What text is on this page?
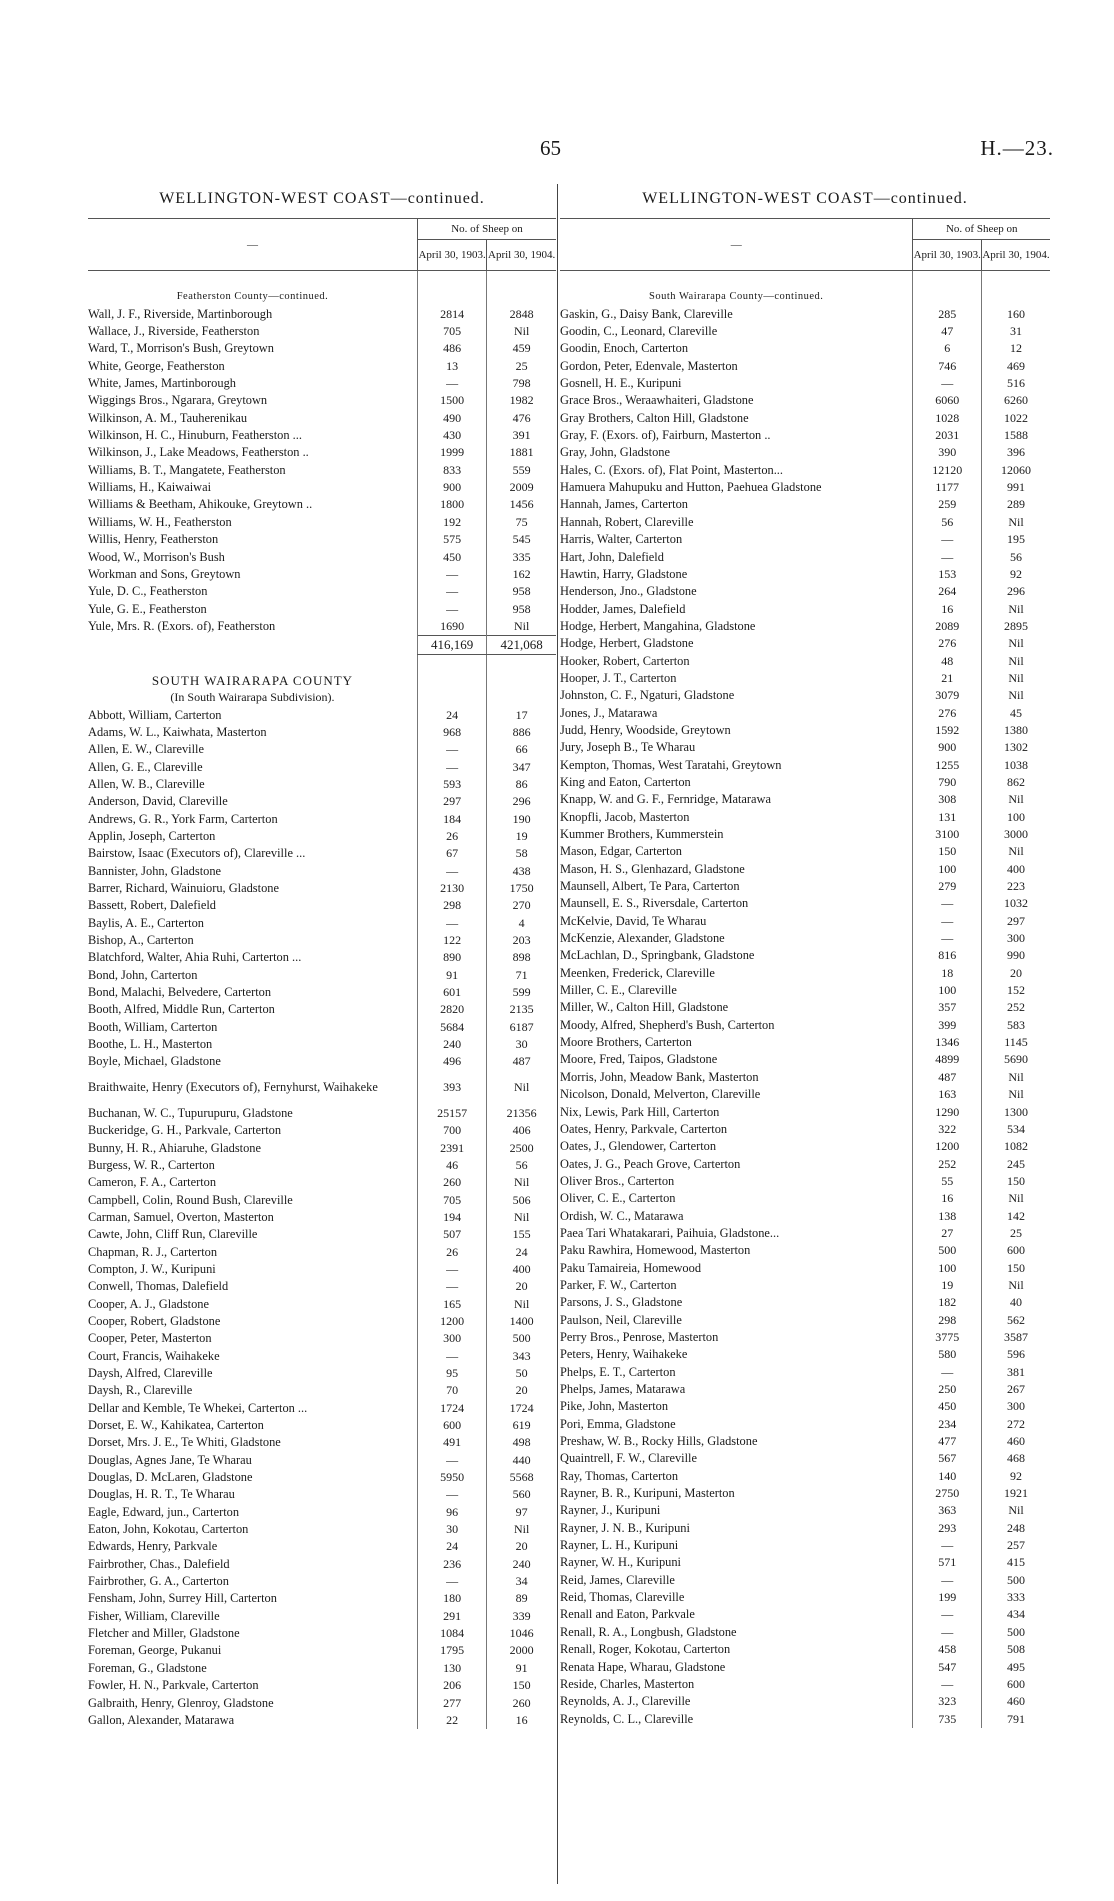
65	H.—23.
WELLINGTON-WEST COAST—continued.
—	No. of Sheep on	
	April 30, 1903.	April 30, 1904.

Featherston County—continued.		
Wall, J. F., Riverside, Martinborough	2814	2848
Wallace, J., Riverside, Featherston	705	Nil
Ward, T., Morrison's Bush, Greytown	486	459
White, George, Featherston	13	25
White, James, Martinborough	—	798
Wiggings Bros., Ngarara, Greytown	1500	1982
Wilkinson, A. M., Tauherenikau	490	476
Wilkinson, H. C., Hinuburn, Featherston ...	430	391
Wilkinson, J., Lake Meadows, Featherston ..	1999	1881
Williams, B. T., Mangatete, Featherston	833	559
Williams, H., Kaiwaiwai	900	2009
Williams & Beetham, Ahikouke, Greytown ..	1800	1456
Williams, W. H., Featherston	192	75
Willis, Henry, Featherston	575	545
Wood, W., Morrison's Bush	450	335
Workman and Sons, Greytown	—	162
Yule, D. C., Featherston	—	958
Yule, G. E., Featherston	—	958
Yule, Mrs. R. (Exors. of), Featherston	1690	Nil
	416,169	421,068

SOUTH WAIRARAPA COUNTY		
(In South Wairarapa Subdivision).		
Abbott, William, Carterton	24	17
Adams, W. L., Kaiwhata, Masterton	968	886
Allen, E. W., Clareville	—	66
Allen, G. E., Clareville	—	347
Allen, W. B., Clareville	593	86
Anderson, David, Clareville	297	296
Andrews, G. R., York Farm, Carterton	184	190
Applin, Joseph, Carterton	26	19
Bairstow, Isaac (Executors of), Clareville ...	67	58
Bannister, John, Gladstone	—	438
Barrer, Richard, Wainuioru, Gladstone	2130	1750
Bassett, Robert, Dalefield	298	270
Baylis, A. E., Carterton	—	4
Bishop, A., Carterton	122	203
Blatchford, Walter, Ahia Ruhi, Carterton ...	890	898
Bond, John, Carterton	91	71
Bond, Malachi, Belvedere, Carterton	601	599
Booth, Alfred, Middle Run, Carterton	2820	2135
Booth, William, Carterton	5684	6187
Boothe, L. H., Masterton	240	30
Boyle, Michael, Gladstone	496	487
Braithwaite, Henry (Executors of), Fernyhurst, Waihakeke	393	Nil
Buchanan, W. C., Tupurupuru, Gladstone	25157	21356
Buckeridge, G. H., Parkvale, Carterton	700	406
Bunny, H. R., Ahiaruhe, Gladstone	2391	2500
Burgess, W. R., Carterton	46	56
Cameron, F. A., Carterton	260	Nil
Campbell, Colin, Round Bush, Clareville	705	506
Carman, Samuel, Overton, Masterton	194	Nil
Cawte, John, Cliff Run, Clareville	507	155
Chapman, R. J., Carterton	26	24
Compton, J. W., Kuripuni	—	400
Conwell, Thomas, Dalefield	—	20
Cooper, A. J., Gladstone	165	Nil
Cooper, Robert, Gladstone	1200	1400
Cooper, Peter, Masterton	300	500
Court, Francis, Waihakeke	—	343
Daysh, Alfred, Clareville	95	50
Daysh, R., Clareville	70	20
Dellar and Kemble, Te Whekei, Carterton ...	1724	1724
Dorset, E. W., Kahikatea, Carterton	600	619
Dorset, Mrs. J. E., Te Whiti, Gladstone	491	498
Douglas, Agnes Jane, Te Wharau	—	440
Douglas, D. McLaren, Gladstone	5950	5568
Douglas, H. R. T., Te Wharau	—	560
Eagle, Edward, jun., Carterton	96	97
Eaton, John, Kokotau, Carterton	30	Nil
Edwards, Henry, Parkvale	24	20
Fairbrother, Chas., Dalefield	236	240
Fairbrother, G. A., Carterton	—	34
Fensham, John, Surrey Hill, Carterton	180	89
Fisher, William, Clareville	291	339
Fletcher and Miller, Gladstone	1084	1046
Foreman, George, Pukanui	1795	2000
Foreman, G., Gladstone	130	91
Fowler, H. N., Parkvale, Carterton	206	150
Galbraith, Henry, Glenroy, Gladstone	277	260
Gallon, Alexander, Matarawa	22	16
WELLINGTON-WEST COAST—continued.
—	No. of Sheep on	
	April 30, 1903.	April 30, 1904.

South Wairarapa County—continued.		
Gaskin, G., Daisy Bank, Clareville	285	160
Goodin, C., Leonard, Clareville	47	31
Goodin, Enoch, Carterton	6	12
Gordon, Peter, Edenvale, Masterton	746	469
Gosnell, H. E., Kuripuni	—	516
Grace Bros., Weraawhaiteri, Gladstone	6060	6260
Gray Brothers, Calton Hill, Gladstone	1028	1022
Gray, F. (Exors. of), Fairburn, Masterton ..	2031	1588
Gray, John, Gladstone	390	396
Hales, C. (Exors. of), Flat Point, Masterton...	12120	12060
Hamuera Mahupuku and Hutton, Paehuea Gladstone	1177	991
Hannah, James, Carterton	259	289
Hannah, Robert, Clareville	56	Nil
Harris, Walter, Carterton	—	195
Hart, John, Dalefield	—	56
Hawtin, Harry, Gladstone	153	92
Henderson, Jno., Gladstone	264	296
Hodder, James, Dalefield	16	Nil
Hodge, Herbert, Mangahina, Gladstone	2089	2895
Hodge, Herbert, Gladstone	276	Nil
Hooker, Robert, Carterton	48	Nil
Hooper, J. T., Carterton	21	Nil
Johnston, C. F., Ngaturi, Gladstone	3079	Nil
Jones, J., Matarawa	276	45
Judd, Henry, Woodside, Greytown	1592	1380
Jury, Joseph B., Te Wharau	900	1302
Kempton, Thomas, West Taratahi, Greytown	1255	1038
King and Eaton, Carterton	790	862
Knapp, W. and G. F., Fernridge, Matarawa	308	Nil
Knopfli, Jacob, Masterton	131	100
Kummer Brothers, Kummerstein	3100	3000
Mason, Edgar, Carterton	150	Nil
Mason, H. S., Glenhazard, Gladstone	100	400
Maunsell, Albert, Te Para, Carterton	279	223
Maunsell, E. S., Riversdale, Carterton	—	1032
McKelvie, David, Te Wharau	—	297
McKenzie, Alexander, Gladstone	—	300
McLachlan, D., Springbank, Gladstone	816	990
Meenken, Frederick, Clareville	18	20
Miller, C. E., Clareville	100	152
Miller, W., Calton Hill, Gladstone	357	252
Moody, Alfred, Shepherd's Bush, Carterton	399	583
Moore Brothers, Carterton	1346	1145
Moore, Fred, Taipos, Gladstone	4899	5690
Morris, John, Meadow Bank, Masterton	487	Nil
Nicolson, Donald, Melverton, Clareville	163	Nil
Nix, Lewis, Park Hill, Carterton	1290	1300
Oates, Henry, Parkvale, Carterton	322	534
Oates, J., Glendower, Carterton	1200	1082
Oates, J. G., Peach Grove, Carterton	252	245
Oliver Bros., Carterton	55	150
Oliver, C. E., Carterton	16	Nil
Ordish, W. C., Matarawa	138	142
Paea Tari Whatakarari, Paihuia, Gladstone...	27	25
Paku Rawhira, Homewood, Masterton	500	600
Paku Tamaireia, Homewood	100	150
Parker, F. W., Carterton	19	Nil
Parsons, J. S., Gladstone	182	40
Paulson, Neil, Clareville	298	562
Perry Bros., Penrose, Masterton	3775	3587
Peters, Henry, Waihakeke	580	596
Phelps, E. T., Carterton	—	381
Phelps, James, Matarawa	250	267
Pike, John, Masterton	450	300
Pori, Emma, Gladstone	234	272
Preshaw, W. B., Rocky Hills, Gladstone	477	460
Quaintrell, F. W., Clareville	567	468
Ray, Thomas, Carterton	140	92
Rayner, B. R., Kuripuni, Masterton	2750	1921
Rayner, J., Kuripuni	363	Nil
Rayner, J. N. B., Kuripuni	293	248
Rayner, L. H., Kuripuni	—	257
Rayner, W. H., Kuripuni	571	415
Reid, James, Clareville	—	500
Reid, Thomas, Clareville	199	333
Renall and Eaton, Parkvale	—	434
Renall, R. A., Longbush, Gladstone	—	500
Renall, Roger, Kokotau, Carterton	458	508
Renata Hape, Wharau, Gladstone	547	495
Reside, Charles, Masterton	—	600
Reynolds, A. J., Clareville	323	460
Reynolds, C. L., Clareville	735	791
